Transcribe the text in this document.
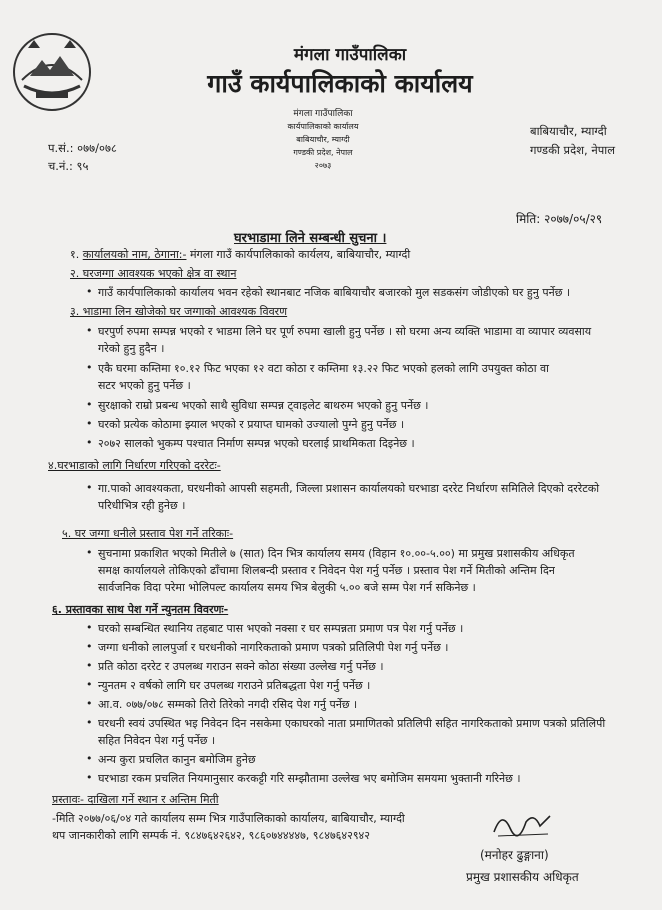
मंगला गाउँपालिका
गाउँ कार्यपालिकाको कार्यालय
मंगला गाउँपालिका
कार्यपालिकाको कार्यालय
बाबियाचौर, म्याग्दी
गण्डकी प्रदेश, नेपाल
२०७३
बाबियाचौर, म्याग्दी
गण्डकी प्रदेश, नेपाल
प.सं.: ०७७/०७८
च.नं.: ९५
मिति: २०७७/०५/२९
घरभाडामा लिने सम्बन्धी सुचना ।
१. कार्यालयको नाम, ठेगाना:- मंगला गाउँ कार्यपालिकाको कार्यलय, बाबियाचौर, म्याग्दी
२. घरजग्गा आवश्यक भएको क्षेत्र वा स्थान
• गाउँ कार्यपालिकाको कार्यालय भवन रहेको स्थानबाट नजिक बाबियाचौर बजारको मुल सडकसंग जोडीएको घर हुनु पर्नेछ ।
३. भाडामा लिन खोजेको घर जग्गाको आवश्यक विवरण
• घरपुर्ण रुपमा सम्पन्न भएको र भाडमा लिने घर पूर्ण रुपमा खाली हुनु पर्नेछ । सो घरमा अन्य व्यक्ति भाडामा वा व्यापार व्यवसाय
गरेको हुनु हुदैन ।
• एकै घरमा कम्तिमा १०.१२ फिट भएका १२ वटा कोठा र कम्तिमा १३.२२ फिट भएको हलको लागि उपयुक्त कोठा वा
सटर भएको हुनु पर्नेछ ।
• सुरक्षाको राम्रो प्रबन्ध भएको साथै सुविधा सम्पन्न ट्वाइलेट बाथरुम भएको हुनु पर्नेछ ।
• घरको प्रत्येक कोठामा झ्याल भएको र प्रयाप्त घामको उज्यालो पुग्ने हुनु पर्नेछ ।
• २०७२ सालको भुकम्प पश्चात निर्माण सम्पन्न भएको घरलाई प्राथमिकता दिइनेछ ।
४.घरभाडाको लागि निर्धारण गरिएको दररेटः-
• गा.पाको आवश्यकता, घरधनीको आपसी सहमती, जिल्ला प्रशासन कार्यालयको घरभाडा दररेट निर्धारण समितिले दिएको दररेटको
परिधीभित्र रही हुनेछ ।
५. घर जग्गा धनीले प्रस्ताव पेश गर्ने तरिकाः-
• सुचनामा प्रकाशित भएको मितीले ७ (सात) दिन भित्र कार्यालय समय (विहान १०.००-५.००) मा प्रमुख प्रशासकीय अधिकृत
समक्ष कार्यालयले तोकिएको ढाँचामा शिलबन्दी प्रस्ताव र निवेदन पेश गर्नु पर्नेछ । प्रस्ताव पेश गर्ने मितीको अन्तिम दिन
सार्वजनिक विदा परेमा भोलिपल्ट कार्यालय समय भित्र बेलुकी ५.०० बजे सम्म पेश गर्न सकिनेछ ।
६. प्रस्तावका साथ पेश गर्ने न्युनतम विवरणः-
• घरको सम्बन्धित स्थानिय तहबाट पास भएको नक्सा र घर सम्पन्नता प्रमाण पत्र पेश गर्नु पर्नेछ ।
• जग्गा धनीको लालपुर्जा र घरधनीको नागरिकताको प्रमाण पत्रको प्रतिलिपी पेश गर्नु पर्नेछ ।
• प्रति कोठा दररेट र उपलब्ध गराउन सक्ने कोठा संख्या उल्लेख गर्नु पर्नेछ ।
• न्युनतम २ वर्षको लागि घर उपलब्ध गराउने प्रतिबद्धता पेश गर्नु पर्नेछ ।
• आ.व. ०७७/०७८ सम्मको तिरो तिरेको नगदी रसिद पेश गर्नु पर्नेछ ।
• घरधनी स्वयं उपस्थित भइ निवेदन दिन नसकेमा एकाघरको नाता प्रमाणितको प्रतिलिपी सहित नागरिकताको प्रमाण पत्रको प्रतिलिपी
सहित निवेदन पेश गर्नु पर्नेछ ।
• अन्य कुरा प्रचलित कानुन बमोजिम हुनेछ
• घरभाडा रकम प्रचलित नियमानुसार करकट्टी गरि सम्झौतामा उल्लेख भए बमोजिम समयमा भुक्तानी गरिनेछ ।
प्रस्तावः- दाखिला गर्ने स्थान र अन्तिम मिती
-मिति २०७७/०६/०४ गते कार्यालय सम्म भित्र गाउँपालिकाको कार्यालय, बाबियाचौर, म्याग्दी
थप जानकारीको लागि सम्पर्क नं. ९८४७६४२६४२, ९८६०७४४४४७, ९८४७६४२९४२
(मनोहर ढुङ्गाना)
प्रमुख प्रशासकीय अधिकृत
